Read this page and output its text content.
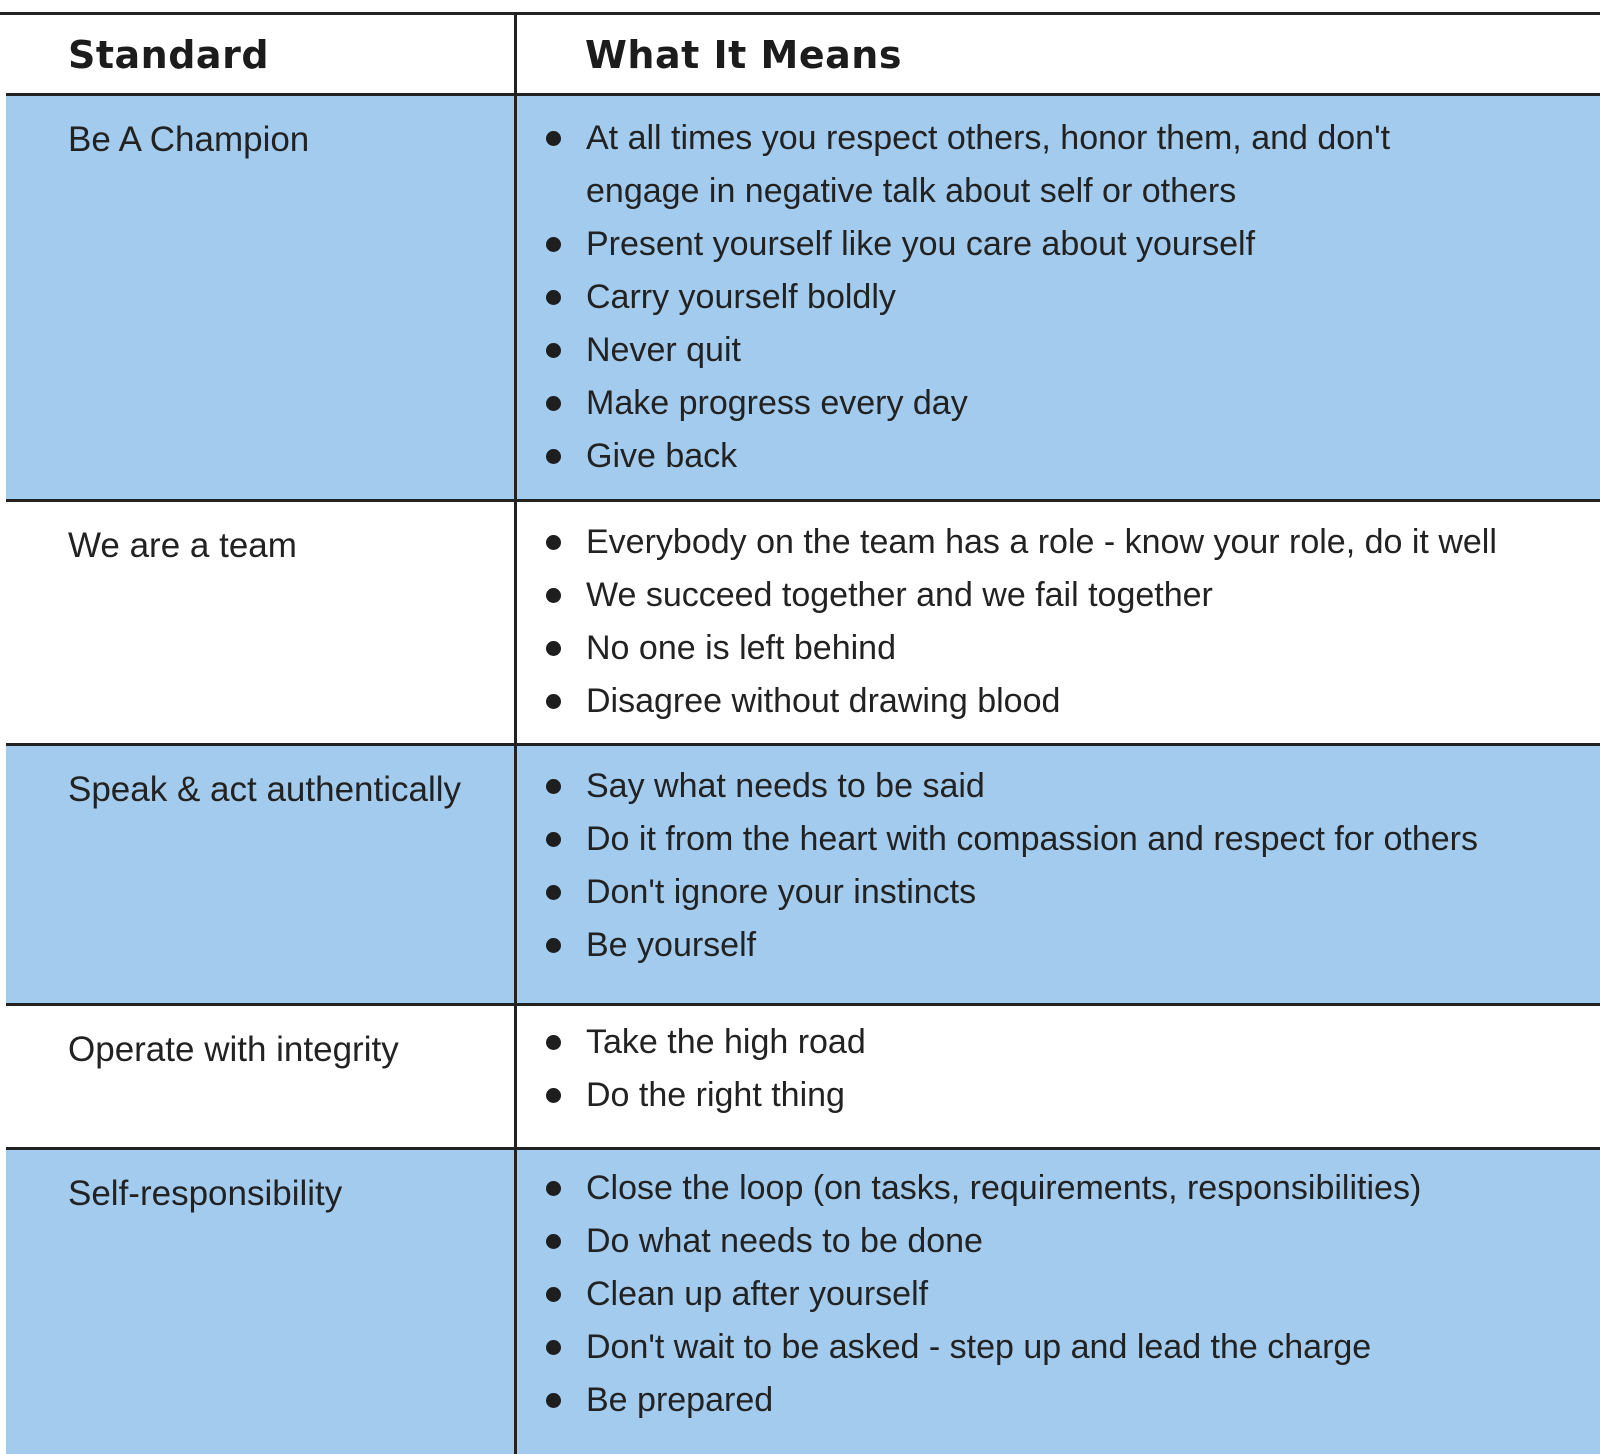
Standard	What It Means
Be A Champion	At all times you respect others, honor them, and don't engage in negative talk about self or others
Present yourself like you care about yourself
Carry yourself boldly
Never quit
Make progress every day
Give back
We are a team	Everybody on the team has a role - know your role, do it well
We succeed together and we fail together
No one is left behind
Disagree without drawing blood
Speak & act authentically	Say what needs to be said
Do it from the heart with compassion and respect for others
Don't ignore your instincts
Be yourself
Operate with integrity	Take the high road
Do the right thing
Self-responsibility	Close the loop (on tasks, requirements, responsibilities)
Do what needs to be done
Clean up after yourself
Don't wait to be asked - step up and lead the charge
Be prepared
